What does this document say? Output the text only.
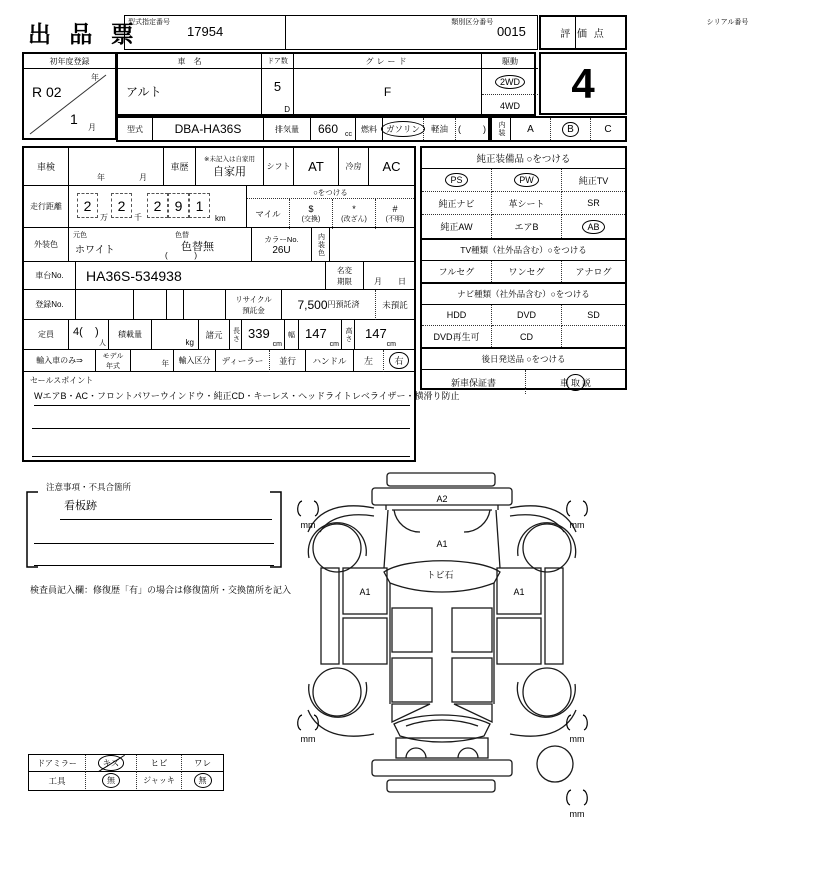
出 品 票
型式指定番号
17954
類別区分番号
0015
シリアル番号
評 価 点
4
初年度登録
年
R 02
1
月
車　名
アルト
ドア数
5
D
グレード
F
駆動
2WD
4WD
型式	DBA-HA36S	排気量	660 cc
燃料	ガソリン	軽油	( )	内装	A	B	C
車検
年	月
車歴
※未記入は自家用
自家用	シフト	AT	冷房	AC
走行距離	2
万
2
千
2 9 1
km
○をつける
マイル	$
(交換)
*
(改ざん)
#
(不明)
外装色
元色
ホワイト
色替
色替無
(            )
カラーNo.
26U	内装色
車台No.	HA36S-534938	名変
期限	月 日
登録No.
リサイクル
預託金	7,500 円預託済	未預託
定員	4(    )
人
積載量
kg
諸元	長さ 339
cm
幅 147
cm
高さ 147
cm
輸入車のみ⇒	モデル
年式	年	輸入区分	ディーラー	並行	ハンドル	左	右
セールスポイント
WエアB・AC・フロントパワーウインドウ・純正CD・キーレス・ヘッドライトレベライザー・横滑り防止
純正装備品 ○をつける
PS	PW	純正TV
純正ナビ	革シート	SR
純正AW	エアB	AB
TV種類（社外品含む）○をつける
フルセグ	ワンセグ	アナログ
ナビ種類（社外品含む）○をつける
HDD	DVD	SD
DVD再生可	CD
後日発送品 ○をつける
新車保証書	車 取 説
注意事項・不具合箇所
看板跡
検査員記入欄：修復歴「有」の場合は修復箇所・交換箇所を記入
ドアミラー	キズ	ヒビ	ワレ
工具	無	ジャッキ	無
A2
A1
トビ石
A1	A1
mm	mm
mm	mm
mm
